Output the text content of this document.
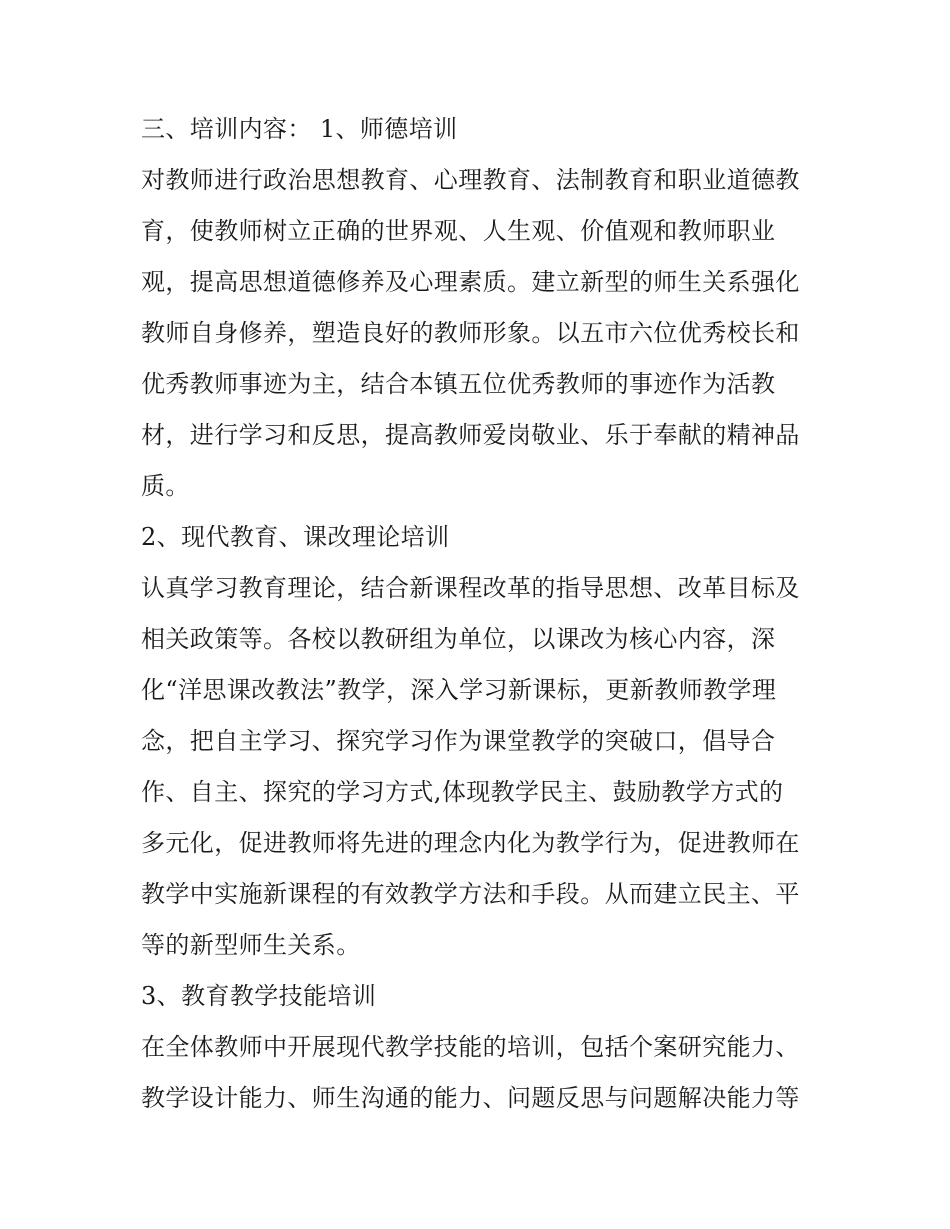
三、培训内容： 1、师德培训
对教师进行政治思想教育、心理教育、法制教育和职业道德教
育，使教师树立正确的世界观、人生观、价值观和教师职业
观，提高思想道德修养及心理素质。建立新型的师生关系强化
教师自身修养，塑造良好的教师形象。以五市六位优秀校长和
优秀教师事迹为主，结合本镇五位优秀教师的事迹作为活教
材，进行学习和反思，提高教师爱岗敬业、乐于奉献的精神品
质。
2、现代教育、课改理论培训
认真学习教育理论，结合新课程改革的指导思想、改革目标及
相关政策等。各校以教研组为单位，以课改为核心内容，深
化“洋思课改教法”教学，深入学习新课标，更新教师教学理
念，把自主学习、探究学习作为课堂教学的突破口，倡导合
作、自主、探究的学习方式,体现教学民主、鼓励教学方式的
多元化，促进教师将先进的理念内化为教学行为，促进教师在
教学中实施新课程的有效教学方法和手段。从而建立民主、平
等的新型师生关系。
3、教育教学技能培训
在全体教师中开展现代教学技能的培训，包括个案研究能力、
教学设计能力、师生沟通的能力、问题反思与问题解决能力等
